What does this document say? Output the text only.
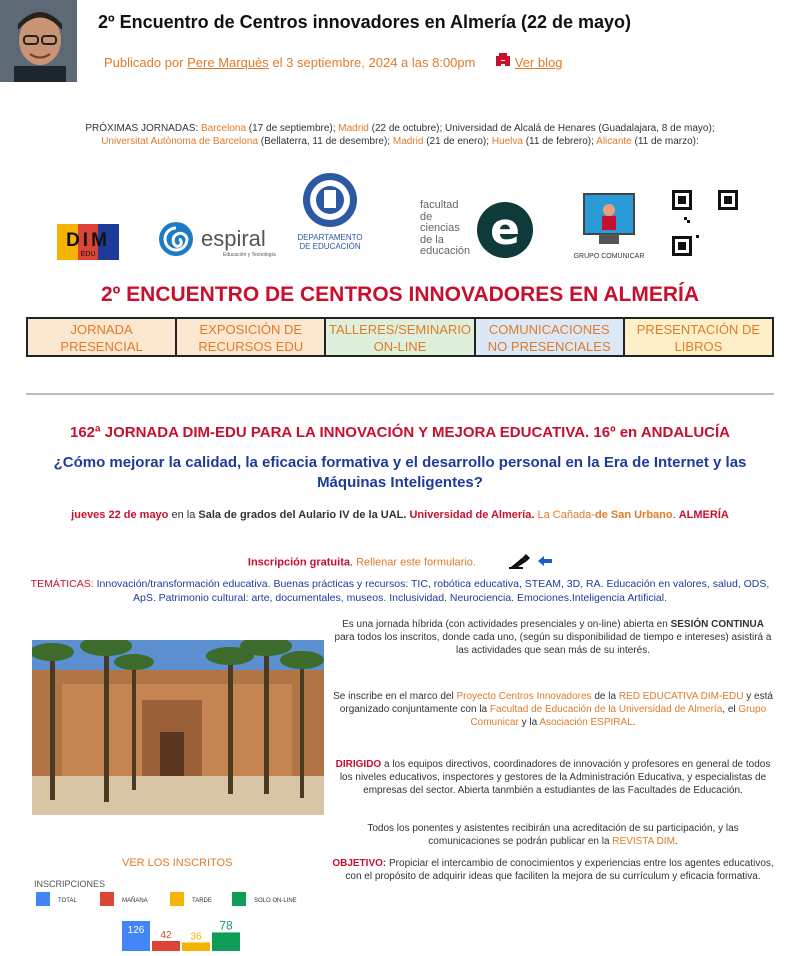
2º Encuentro de Centros innovadores en Almería (22 de mayo)
Publicado por Pere Marquès el 3 septiembre, 2024 a las 8:00pm	Ver blog
PRÓXIMAS JORNADAS: Barcelona (17 de septiembre); Madrid (22 de octubre); Universidad de Alcalá de Henares (Guadalajara, 8 de mayo);
Universitat Autònoma de Barcelona (Bellaterra, 11 de desembre); Madrid (21 de enero); Huelva (11 de febrero); Alicante (11 de marzo):
DIM
EDU
espiral
Educación y Tecnología
DEPARTAMENTO
DE EDUCACIÓN
facultad
de
ciencias
de la
educación e
GRUPO COMUNICAR
2º ENCUENTRO DE CENTROS INNOVADORES EN ALMERÍA
JORNADA
PRESENCIAL
EXPOSICIÓN DE
RECURSOS EDU
TALLERES/SEMINARIO
ON-LINE
COMUNICACIONES
NO PRESENCIALES
PRESENTACIÓN DE
LIBROS
162ª JORNADA DIM-EDU PARA LA INNOVACIÓN Y MEJORA EDUCATIVA. 16º en ANDALUCÍA
¿Cómo mejorar la calidad, la eficacia formativa y el desarrollo personal en la Era de Internet y las Máquinas Inteligentes?
jueves 22 de mayo en la Sala de grados del Aulario IV de la UAL. Universidad de Almería. La Cañada-de San Urbano. ALMERÍA
Inscripción gratuita. Rellenar este formulario.
TEMÁTICAS: Innovación/transformación educativa. Buenas prácticas y recursos: TIC, robótica educativa, STEAM, 3D, RA. Educación en valores, salud, ODS, ApS. Patrimonio cultural: arte, documentales, museos. Inclusividad. Neurociencia. Emociones.Inteligencia Artificial.
Es una jornada híbrida (con actividades presenciales y on-line) abierta en SESIÓN CONTINUA para todos los inscritos, donde cada uno, (según su disponibilidad de tiempo e intereses) asistirá a las actividades que sean más de su interés.
Se inscribe en el marco del Proyecto Centros Innovadores de la RED EDUCATIVA DIM-EDU y está organizado conjuntamente con la Facultad de Educación de la Universidad de Almería, el Grupo Comunicar y la Asociación ESPIRAL.
DIRIGIDO a los equipos directivos, coordinadores de innovación y profesores en general de todos los niveles educativos, inspectores y gestores de la Administración Educativa, y especialistas de empresas del sector. Abierta tanmbién a estudiantes de las Facultades de Educación.
Todos los ponentes y asistentes recibirán una acreditación de su participación, y las comunicaciones se podrán publicar en la REVISTA DIM.
OBJETIVO: Propiciar el intercambio de conocimientos y experiencias entre los agentes educativos, con el propósito de adquirir ideas que faciliten la mejora de su currículum y eficacia formativa.
VER LOS INSCRITOS
INSCRIPCIONES
TOTAL
126
MAÑANA
42
TARDE
36
SOLO ON-LINE
78
